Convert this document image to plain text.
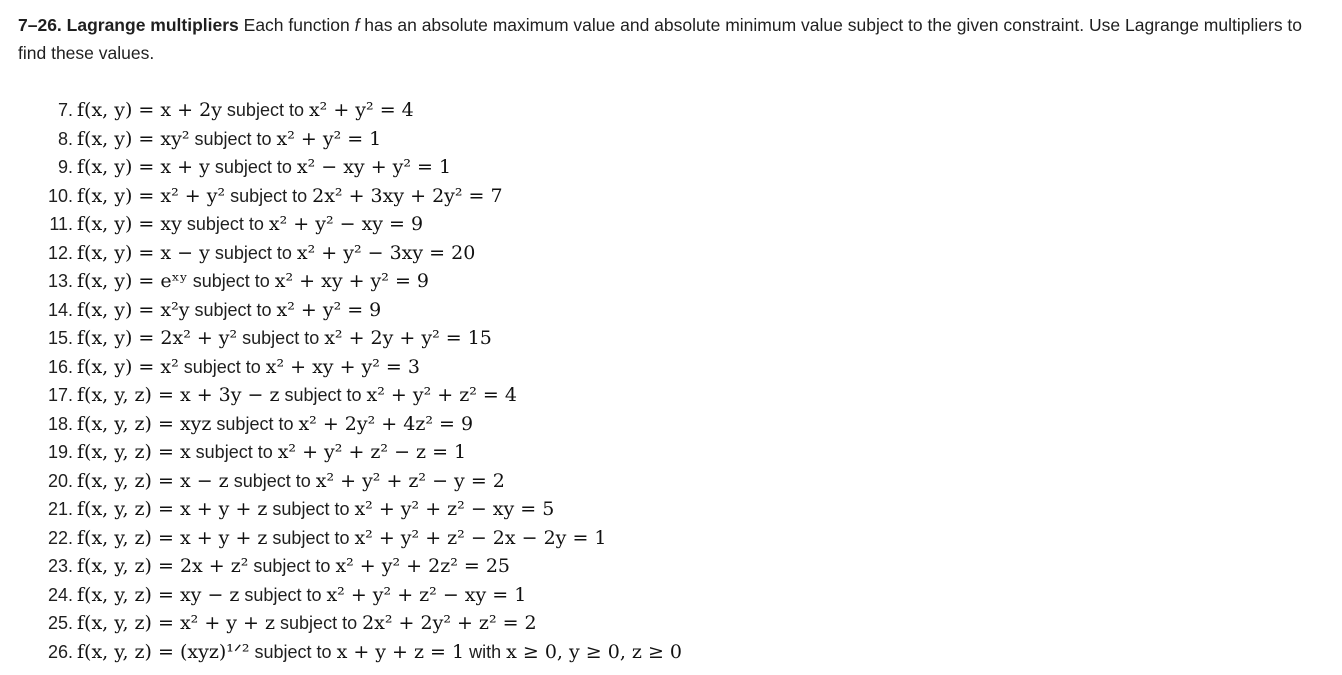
7–26. Lagrange multipliers Each function f has an absolute maximum value and absolute minimum value subject to the given constraint. Use Lagrange multipliers to find these values.
7. f(x, y) = x + 2y subject to x² + y² = 4
8. f(x, y) = xy² subject to x² + y² = 1
9. f(x, y) = x + y subject to x² − xy + y² = 1
10. f(x, y) = x² + y² subject to 2x² + 3xy + 2y² = 7
11. f(x, y) = xy subject to x² + y² − xy = 9
12. f(x, y) = x − y subject to x² + y² − 3xy = 20
13. f(x, y) = eˣʸ subject to x² + xy + y² = 9
14. f(x, y) = x²y subject to x² + y² = 9
15. f(x, y) = 2x² + y² subject to x² + 2y + y² = 15
16. f(x, y) = x² subject to x² + xy + y² = 3
17. f(x, y, z) = x + 3y − z subject to x² + y² + z² = 4
18. f(x, y, z) = xyz subject to x² + 2y² + 4z² = 9
19. f(x, y, z) = x subject to x² + y² + z² − z = 1
20. f(x, y, z) = x − z subject to x² + y² + z² − y = 2
21. f(x, y, z) = x + y + z subject to x² + y² + z² − xy = 5
22. f(x, y, z) = x + y + z subject to x² + y² + z² − 2x − 2y = 1
23. f(x, y, z) = 2x + z² subject to x² + y² + 2z² = 25
24. f(x, y, z) = xy − z subject to x² + y² + z² − xy = 1
25. f(x, y, z) = x² + y + z subject to 2x² + 2y² + z² = 2
26. f(x, y, z) = (xyz)¹ᐟ² subject to x + y + z = 1 with x ≥ 0, y ≥ 0, z ≥ 0
